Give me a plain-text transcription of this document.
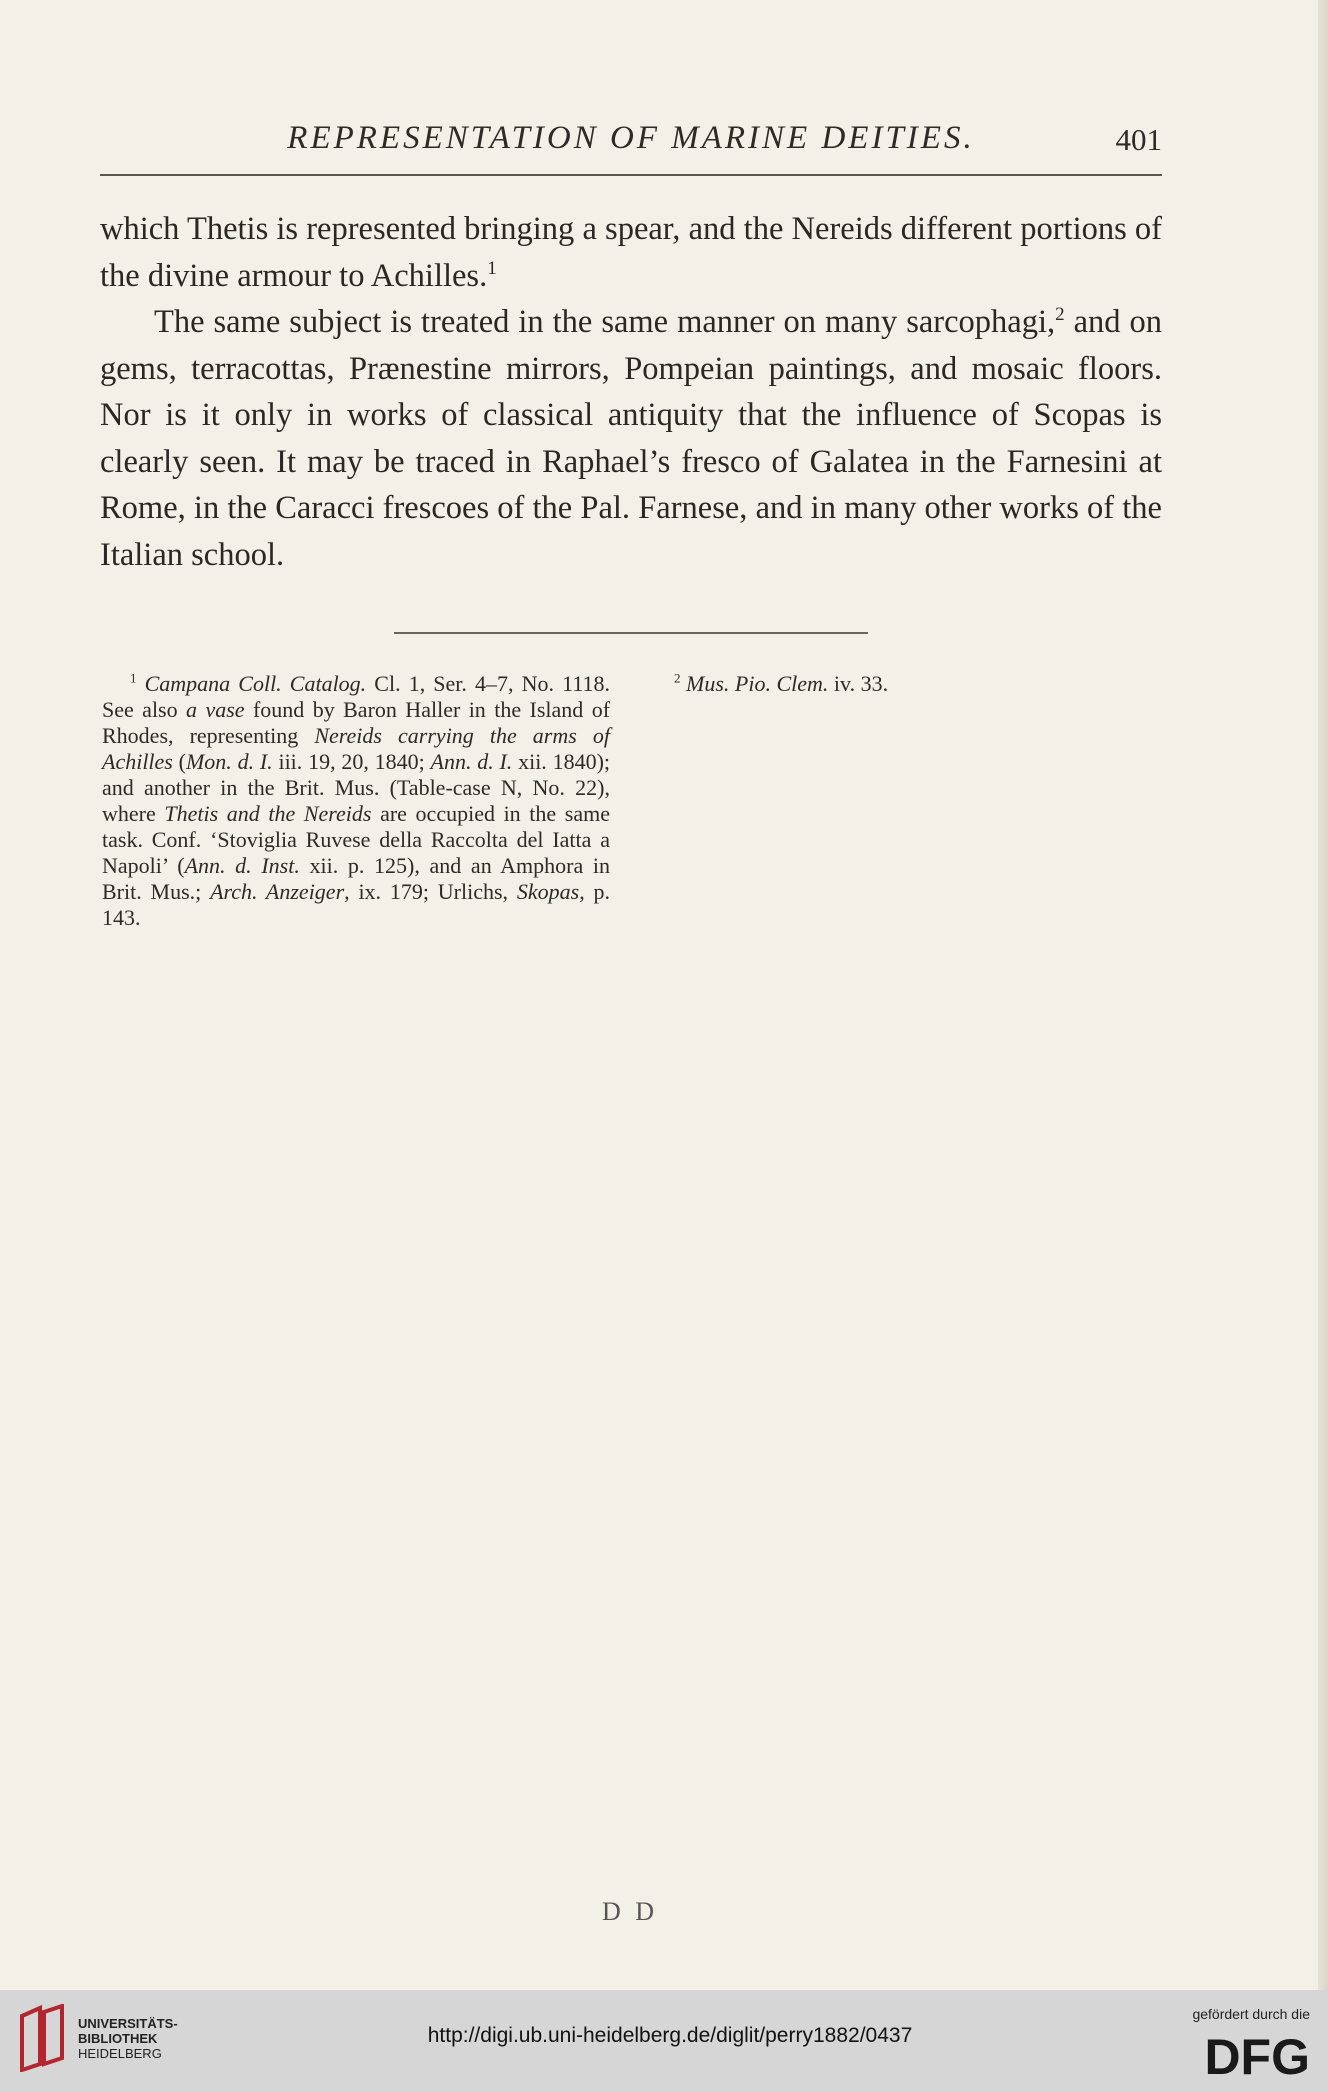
REPRESENTATION OF MARINE DEITIES.	401

which Thetis is represented bringing a spear, and the Nereids different portions of the divine armour to Achilles.$^1$

The same subject is treated in the same manner on many sarcophagi,$^2$ and on gems, terracottas, Prænestine mirrors, Pompeian paintings, and mosaic floors. Nor is it only in works of classical antiquity that the influence of Scopas is clearly seen. It may be traced in Raphael’s fresco of Galatea in the Farnesini at Rome, in the Caracci frescoes of the Pal. Farnese, and in many other works of the Italian school.

$^1$ Campana Coll. Catalog. Cl. 1, Ser. 4–7, No. 1118. See also a vase found by Baron Haller in the Island of Rhodes, representing Nereids carrying the arms of Achilles (Mon. d. I. iii. 19, 20, 1840; Ann. d. I. xii. 1840); and another in the Brit. Mus. (Table-case N, No. 22), where Thetis and the Nereids are occupied in the same task. Conf. ‘Stoviglia Ruvese della Raccolta del Iatta a Napoli’ (Ann. d. Inst. xii. p. 125), and an Amphora in Brit. Mus.; Arch. Anzeiger, ix. 179; Urlichs, Skopas, p. 143.

$^2$ Mus. Pio. Clem. iv. 33.

D D
UNIVERSITÄTS-
BIBLIOTHEK
HEIDELBERG
http://digi.ub.uni-heidelberg.de/diglit/perry1882/0437
gefördert durch die
DFG
